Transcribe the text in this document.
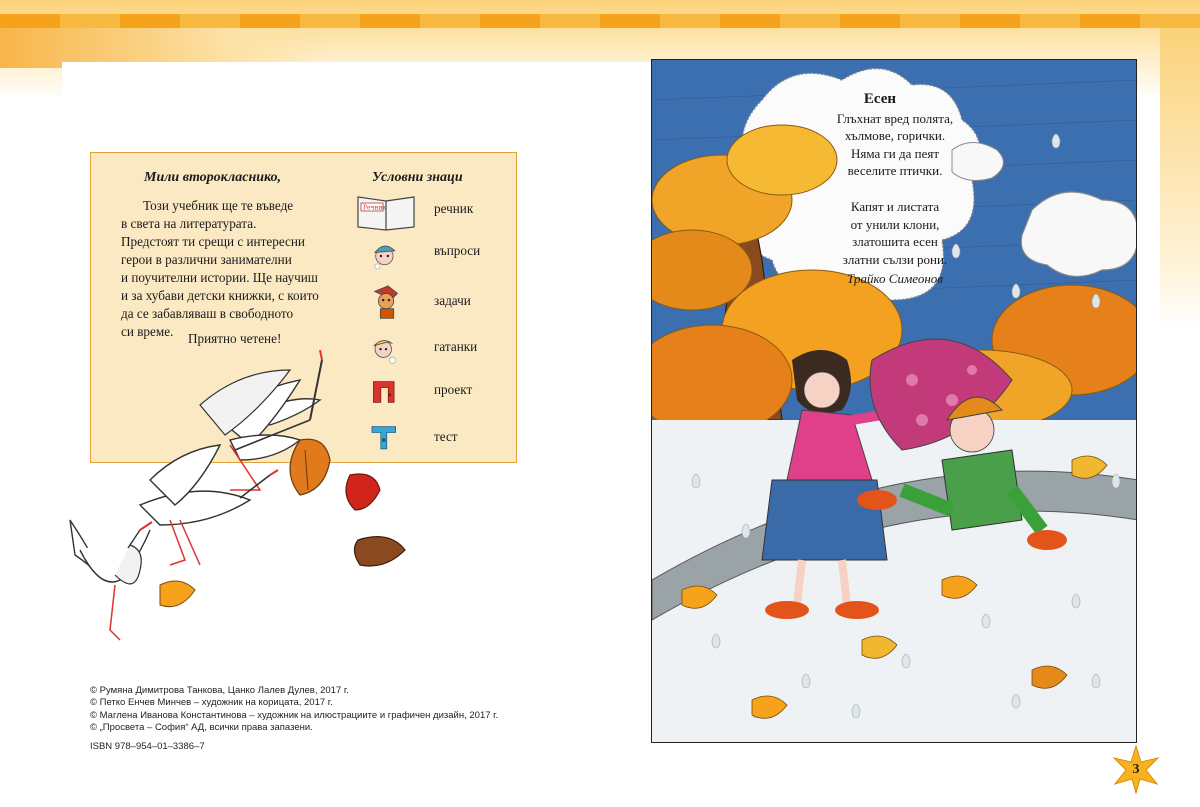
Мили второкласнико,
Този учебник ще те въведе
в света на литературата.
Предстоят ти срещи с интересни
герои в различни занимателни
и поучителни истории. Ще научиш
и за хубави детски книжки, с които
да се забавляваш в свободното
си време.	Приятно четене!
Условни знаци
Речник	речник
въпроси
задачи
гатанки
проект
тест
© Румяна Димитрова Танкова, Цанко Лалев Дулев, 2017 г.
© Петко Енчев Минчев – художник на корицата, 2017 г.
© Маглена Иванова Константинова – художник на илюстрациите и графичен дизайн, 2017 г.
© „Просвета – София“ АД, всички права запазени.
ISBN 978–954–01–3386–7
Есен
Глъхнат вред полята,
хълмове, горички.
Няма ги да пеят
веселите птички.
Капят и листата
от унили клони,
златошита есен
златни сълзи рони.
Трайко Симеонов
3
